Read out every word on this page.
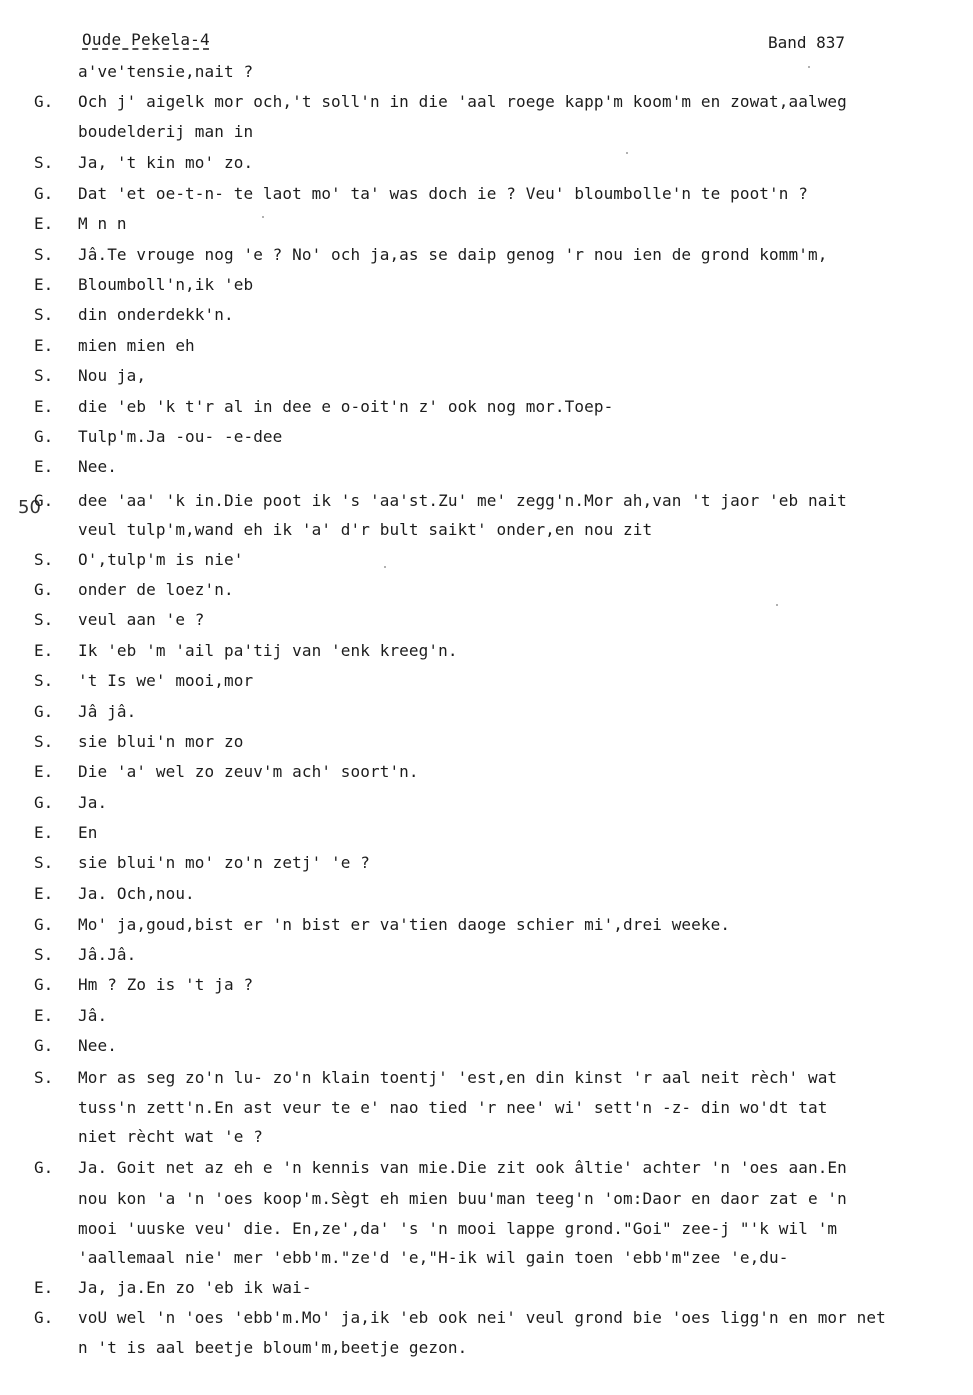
Oude Pekela-4	Band 837
50
a've'tensie,nait ?
G. Och j' aigelk mor och,'t soll'n in die 'aal roege kapp'm koom'm en zowat,aalweg
boudelderij man in
S. Ja, 't kin mo' zo.
G. Dat 'et oe-t-n- te laot mo' ta' was doch ie ? Veu' bloumbolle'n te poot'n ?
E. M n n
S. Jâ.Te vrouge nog 'e ? No' och ja,as se daip genog 'r nou ien de grond komm'm,
E. Bloumboll'n,ik 'eb
S. din onderdekk'n.
E. mien mien eh
S. Nou ja,
E. die 'eb 'k t'r al in dee e o-oit'n z' ook nog mor.Toep-
G. Tulp'm.Ja -ou- -e-dee
E. Nee.
G. dee 'aa' 'k in.Die poot ik 's 'aa'st.Zu' me' zegg'n.Mor ah,van 't jaor 'eb nait
veul tulp'm,wand eh ik 'a' d'r bult saikt' onder,en nou zit
S. O',tulp'm is nie'
G. onder de loez'n.
S. veul aan 'e ?
E. Ik 'eb 'm 'ail pa'tij van 'enk kreeg'n.
S. 't Is we' mooi,mor
G. Jâ jâ.
S. sie blui'n mor zo
E. Die 'a' wel zo zeuv'm ach' soort'n.
G. Ja.
E. En
S. sie blui'n mo' zo'n zetj' 'e ?
E. Ja. Och,nou.
G. Mo' ja,goud,bist er 'n bist er va'tien daoge schier mi',drei weeke.
S. Jâ.Jâ.
G. Hm ? Zo is 't ja ?
E. Jâ.
G. Nee.
S. Mor as seg zo'n lu- zo'n klain toentj' 'est,en din kinst 'r aal neit rèch' wat
tuss'n zett'n.En ast veur te e' nao tied 'r nee' wi' sett'n -z- din wo'dt tat
niet rècht wat 'e ?
G. Ja. Goit net az eh e 'n kennis van mie.Die zit ook âltie' achter 'n 'oes aan.En
nou kon 'a 'n 'oes koop'm.Sègt eh mien buu'man teeg'n 'om:Daor en daor zat e 'n
mooi 'uuske veu' die. En,ze',da' 's 'n mooi lappe grond."Goi" zee-j "'k wil 'm
'aallemaal nie' mer 'ebb'm."ze'd 'e,"H-ik wil gain toen 'ebb'm"zee 'e,du-
E. Ja, ja.En zo 'eb ik wai-
G. voU wel 'n 'oes 'ebb'm.Mo' ja,ik 'eb ook nei' veul grond bie 'oes ligg'n en mor net
n 't is aal beetje bloum'm,beetje gezon.
